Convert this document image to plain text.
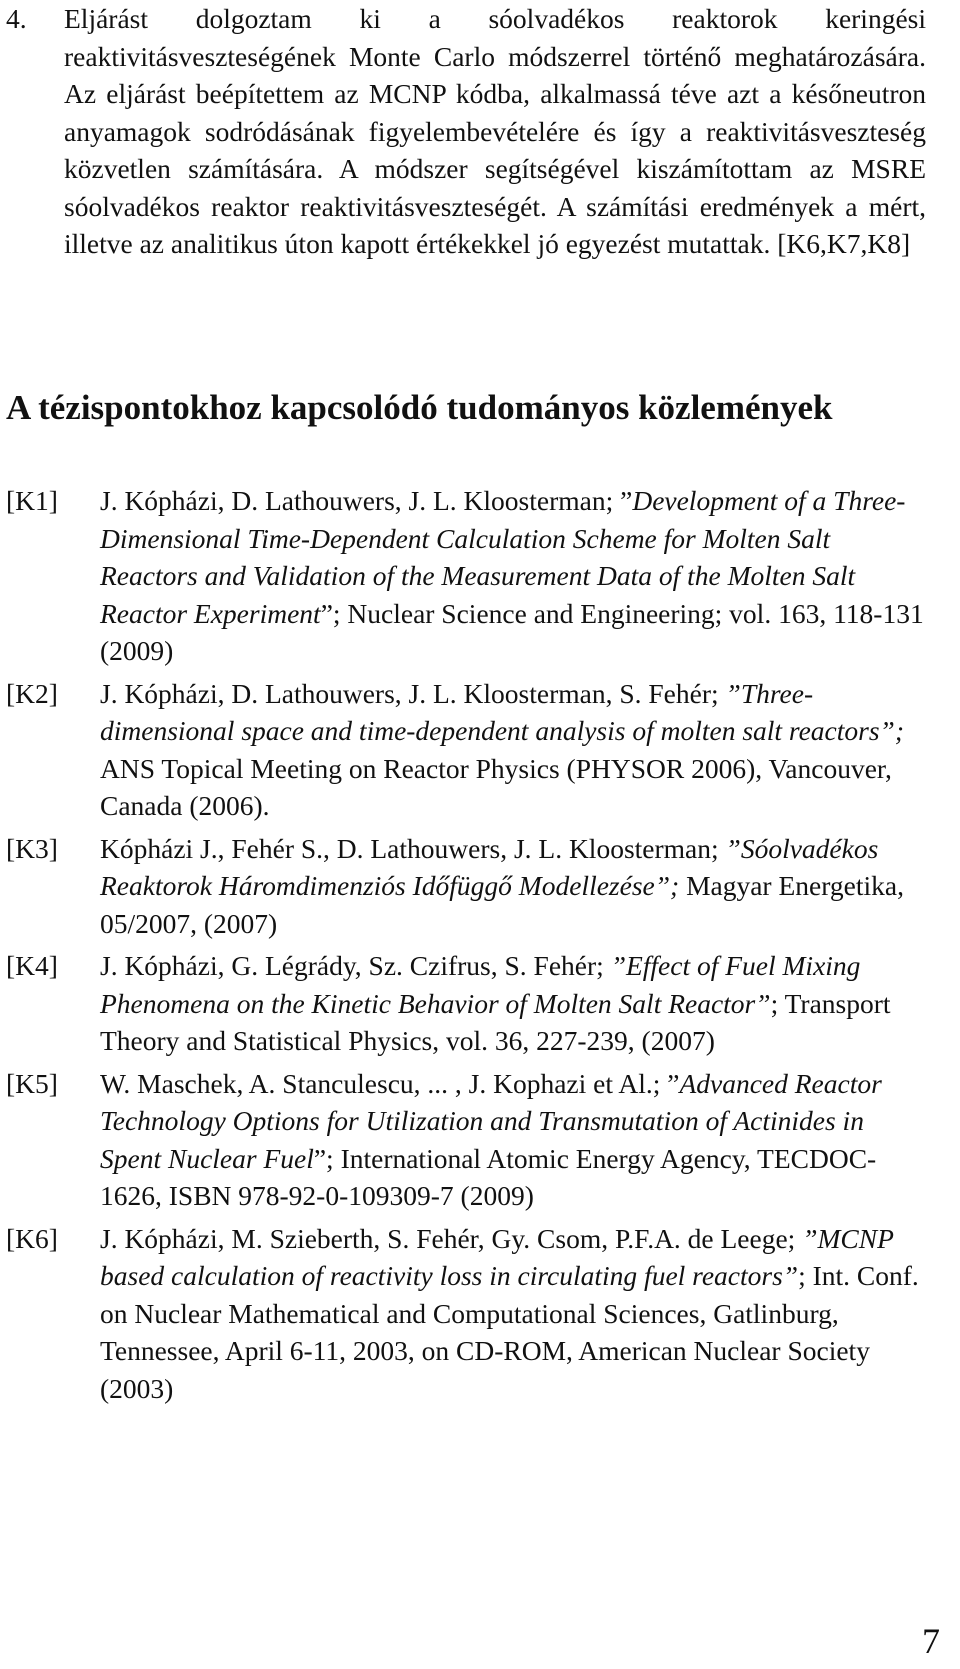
4. Eljárást dolgoztam ki a sóolvadékos reaktorok keringési reaktivitásveszteségének Monte Carlo módszerrel történő meghatározására. Az eljárást beépítettem az MCNP kódba, alkalmassá téve azt a későneutron anyamagok sodródásának figyelembevételére és így a reaktivitásveszteség közvetlen számítására. A módszer segítségével kiszámítottam az MSRE sóolvadékos reaktor reaktivitásveszteségét. A számítási eredmények a mért, illetve az analitikus úton kapott értékekkel jó egyezést mutattak. [K6,K7,K8]
A tézispontokhoz kapcsolódó tudományos közlemények
[K1] J. Kópházi, D. Lathouwers, J. L. Kloosterman; ”Development of a Three-Dimensional Time-Dependent Calculation Scheme for Molten Salt Reactors and Validation of the Measurement Data of the Molten Salt Reactor Experiment”; Nuclear Science and Engineering; vol. 163, 118-131 (2009)
[K2] J. Kópházi, D. Lathouwers, J. L. Kloosterman, S. Fehér; ”Three-dimensional space and time-dependent analysis of molten salt reactors”; ANS Topical Meeting on Reactor Physics (PHYSOR 2006), Vancouver, Canada (2006).
[K3] Kópházi J., Fehér S., D. Lathouwers, J. L. Kloosterman; ”Sóolvadékos Reaktorok Háromdimenziós Időfüggő Modellezése”; Magyar Energetika, 05/2007, (2007)
[K4] J. Kópházi, G. Légrády, Sz. Czifrus, S. Fehér; ”Effect of Fuel Mixing Phenomena on the Kinetic Behavior of Molten Salt Reactor”; Transport Theory and Statistical Physics, vol. 36, 227-239, (2007)
[K5] W. Maschek, A. Stanculescu, ... , J. Kophazi et Al.; ”Advanced Reactor Technology Options for Utilization and Transmutation of Actinides in Spent Nuclear Fuel”; International Atomic Energy Agency, TECDOC-1626, ISBN 978-92-0-109309-7 (2009)
[K6] J. Kópházi, M. Szieberth, S. Fehér, Gy. Csom, P.F.A. de Leege; ”MCNP based calculation of reactivity loss in circulating fuel reactors”; Int. Conf. on Nuclear Mathematical and Computational Sciences, Gatlinburg, Tennessee, April 6-11, 2003, on CD-ROM, American Nuclear Society (2003)
7
